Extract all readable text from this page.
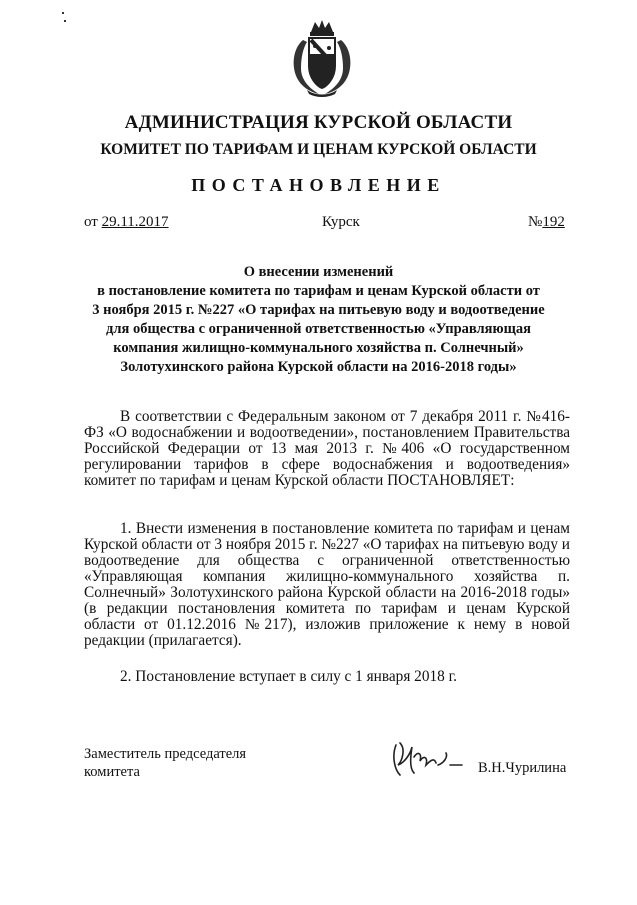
АДМИНИСТРАЦИЯ КУРСКОЙ ОБЛАСТИ
КОМИТЕТ ПО ТАРИФАМ И ЦЕНАМ КУРСКОЙ ОБЛАСТИ
ПОСТАНОВЛЕНИЕ
от 29.11.2017	Курск	№192
О внесении изменений
в постановление комитета по тарифам и ценам Курской области от
3 ноября 2015 г. №227 «О тарифах на питьевую воду и водоотведение
для общества с ограниченной ответственностью «Управляющая
компания жилищно-коммунального хозяйства п. Солнечный»
Золотухинского района Курской области на 2016-2018 годы»
В соответствии с Федеральным законом от 7 декабря 2011 г. №416-ФЗ «О водоснабжении и водоотведении», постановлением Правительства Российской Федерации от 13 мая 2013 г. №406 «О государственном регулировании тарифов в сфере водоснабжения и водоотведения» комитет по тарифам и ценам Курской области ПОСТАНОВЛЯЕТ:
1. Внести изменения в постановление комитета по тарифам и ценам Курской области от 3 ноября 2015 г. №227 «О тарифах на питьевую воду и водоотведение для общества с ограниченной ответственностью «Управляющая компания жилищно-коммунального хозяйства п. Солнечный» Золотухинского района Курской области на 2016-2018 годы» (в редакции постановления комитета по тарифам и ценам Курской области от 01.12.2016 №217), изложив приложение к нему в новой редакции (прилагается).
2. Постановление вступает в силу с 1 января 2018 г.
Заместитель председателя
комитета	В.Н.Чурилина
